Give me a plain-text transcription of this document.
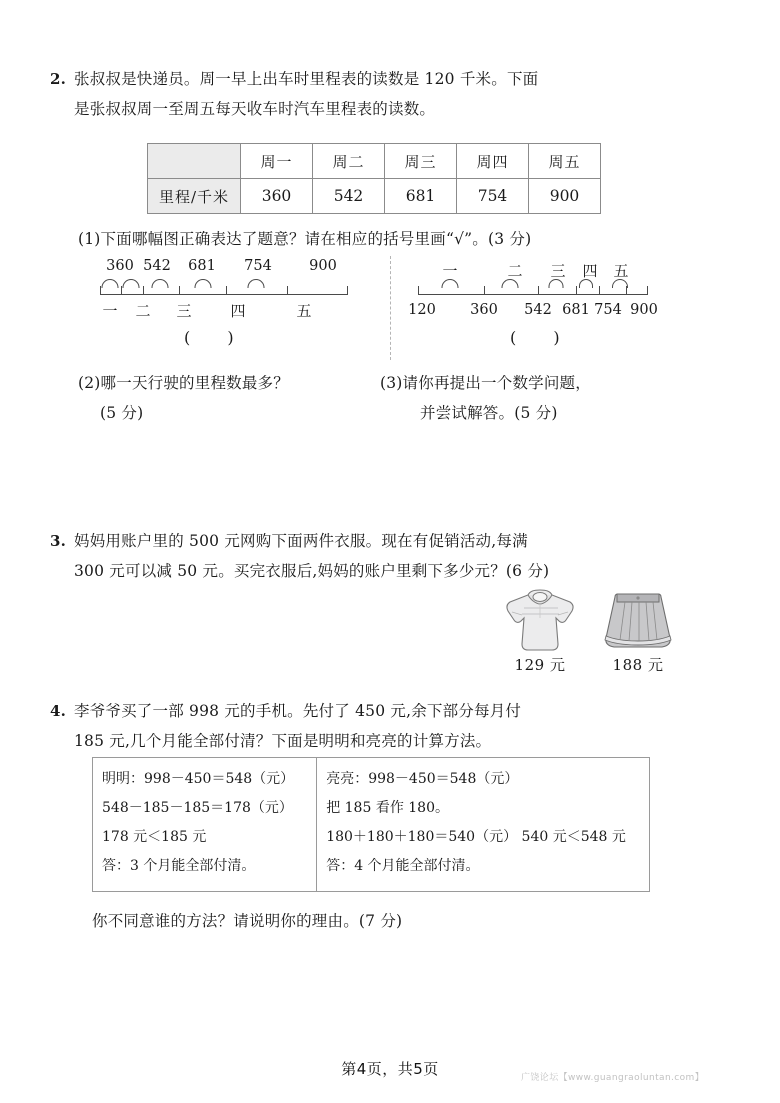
2. 张叔叔是快递员。周一早上出车时里程表的读数是 120 千米。下面
是张叔叔周一至周五每天收车时汽车里程表的读数。
	周一	周二	周三	周四	周五
里程/千米	360	542	681	754	900
(1)下面哪幅图正确表达了题意？请在相应的括号里画“√”。(3 分)
360 542 681 754	900
一 二 三	四	五
( )
一	二 三 四 五
120 360 542 681 754 900
( )
(2)哪一天行驶的里程数最多？
(5 分)
(3)请你再提出一个数学问题，
并尝试解答。(5 分)
3. 妈妈用账户里的 500 元网购下面两件衣服。现在有促销活动,每满
300 元可以减 50 元。买完衣服后,妈妈的账户里剩下多少元？(6 分)
129 元	188 元
4. 李爷爷买了一部 998 元的手机。先付了 450 元,余下部分每月付
185 元,几个月能全部付清？下面是明明和亮亮的计算方法。
明明：998－450＝548（元）
548－185－185＝178（元）
178 元＜185 元
答：3 个月能全部付清。
亮亮：998－450＝548（元）
把 185 看作 180。
180＋180＋180＝540（元） 540 元＜548 元
答：4 个月能全部付清。
你不同意谁的方法？请说明你的理由。(7 分)
第4页，共5页	广饶论坛【www.guangraoluntan.com】
